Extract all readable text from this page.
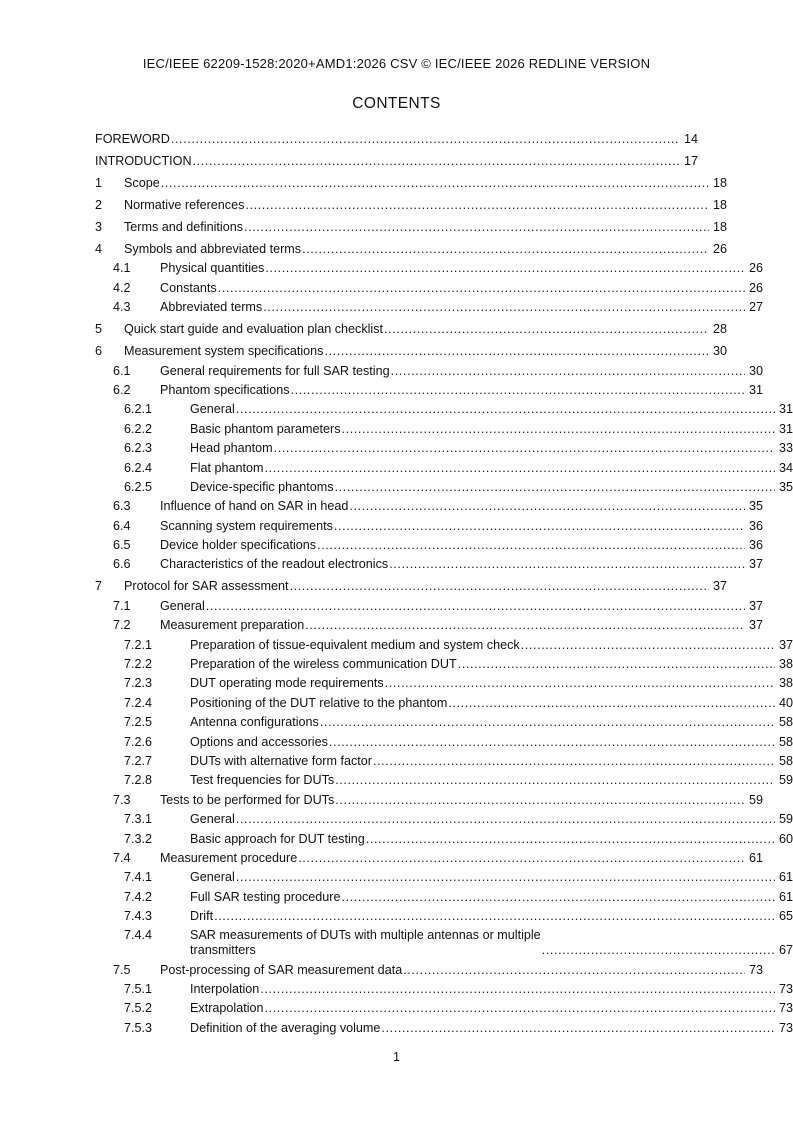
IEC/IEEE 62209-1528:2020+AMD1:2026 CSV © IEC/IEEE 2026 REDLINE VERSION
CONTENTS
FOREWORD .....	14
INTRODUCTION .....	17
1 Scope .....	18
2 Normative references .....	18
3 Terms and definitions .....	18
4 Symbols and abbreviated terms .....	26
4.1 Physical quantities .....	26
4.2 Constants .....	26
4.3 Abbreviated terms .....	27
5 Quick start guide and evaluation plan checklist .....	28
6 Measurement system specifications .....	30
6.1 General requirements for full SAR testing .....	30
6.2 Phantom specifications .....	31
6.2.1	General .....	31
6.2.2	Basic phantom parameters .....	31
6.2.3	Head phantom .....	33
6.2.4	Flat phantom .....	34
6.2.5	Device-specific phantoms .....	35
6.3 Influence of hand on SAR in head .....	35
6.4 Scanning system requirements .....	36
6.5 Device holder specifications .....	36
6.6 Characteristics of the readout electronics .....	37
7 Protocol for SAR assessment .....	37
7.1 General .....	37
7.2 Measurement preparation .....	37
7.2.1	Preparation of tissue-equivalent medium and system check .....	37
7.2.2	Preparation of the wireless communication DUT .....	38
7.2.3	DUT operating mode requirements .....	38
7.2.4	Positioning of the DUT relative to the phantom .....	40
7.2.5	Antenna configurations .....	58
7.2.6	Options and accessories .....	58
7.2.7	DUTs with alternative form factor .....	58
7.2.8	Test frequencies for DUTs .....	59
7.3 Tests to be performed for DUTs .....	59
7.3.1	General .....	59
7.3.2	Basic approach for DUT testing .....	60
7.4 Measurement procedure .....	61
7.4.1	General .....	61
7.4.2	Full SAR testing procedure .....	61
7.4.3	Drift .....	65
7.4.4	SAR measurements of DUTs with multiple antennas or multiple
transmitters .....	67
7.5 Post-processing of SAR measurement data .....	73
7.5.1	Interpolation .....	73
7.5.2	Extrapolation .....	73
7.5.3	Definition of the averaging volume .....	73
1
